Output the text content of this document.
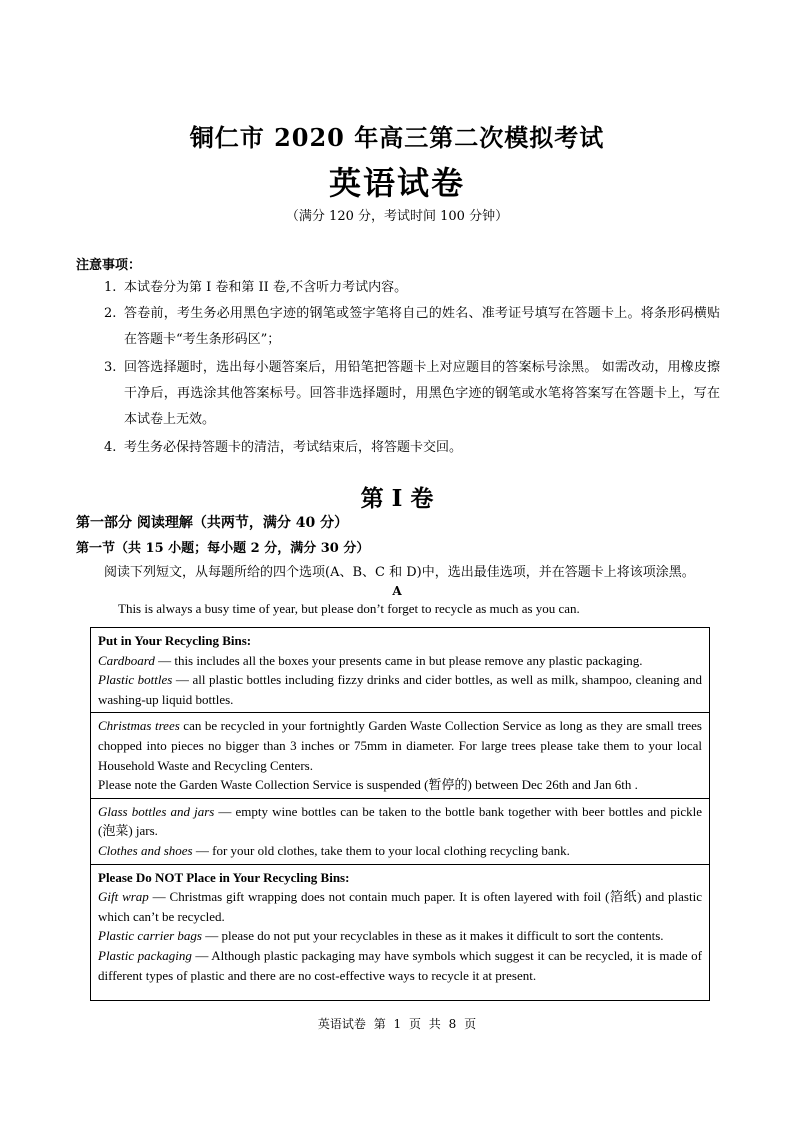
铜仁市 2020 年高三第二次模拟考试
英语试卷
（满分 120 分，考试时间 100 分钟）
注意事项：
1. 本试卷分为第 I 卷和第 II 卷,不含听力考试内容。
2. 答卷前，考生务必用黑色字迹的钢笔或签字笔将自己的姓名、准考证号填写在答题卡上。将条形码横贴在答题卡“考生条形码区”；
3. 回答选择题时，选出每小题答案后，用铅笔把答题卡上对应题目的答案标号涂黑。 如需改动，用橡皮擦干净后，再选涂其他答案标号。回答非选择题时，用黑色字迹的钢笔或水笔将答案写在答题卡上，写在本试卷上无效。
4. 考生务必保持答题卡的清洁，考试结束后，将答题卡交回。
第 I 卷
第一部分 阅读理解（共两节，满分 40 分）
第一节（共 15 小题；每小题 2 分，满分 30 分）
阅读下列短文，从每题所给的四个选项(A、B、C 和 D)中，选出最佳选项，并在答题卡上将该项涂黑。
A
This is always a busy time of year, but please don’t forget to recycle as much as you can.
Put in Your Recycling Bins:
Cardboard — this includes all the boxes your presents came in but please remove any plastic packaging.
Plastic bottles — all plastic bottles including fizzy drinks and cider bottles, as well as milk, shampoo, cleaning and washing-up liquid bottles.
Christmas trees can be recycled in your fortnightly Garden Waste Collection Service as long as they are small trees chopped into pieces no bigger than 3 inches or 75mm in diameter. For large trees please take them to your local Household Waste and Recycling Centers.
Please note the Garden Waste Collection Service is suspended (暂停的) between Dec 26th and Jan 6th .
Glass bottles and jars — empty wine bottles can be taken to the bottle bank together with beer bottles and pickle (泡菜) jars.
Clothes and shoes — for your old clothes, take them to your local clothing recycling bank.
Please Do NOT Place in Your Recycling Bins:
Gift wrap — Christmas gift wrapping does not contain much paper. It is often layered with foil (箔纸) and plastic which can’t be recycled.
Plastic carrier bags — please do not put your recyclables in these as it makes it difficult to sort the contents.
Plastic packaging — Although plastic packaging may have symbols which suggest it can be recycled, it is made of different types of plastic and there are no cost-effective ways to recycle it at present.
英语试卷 第 1 页 共 8 页
